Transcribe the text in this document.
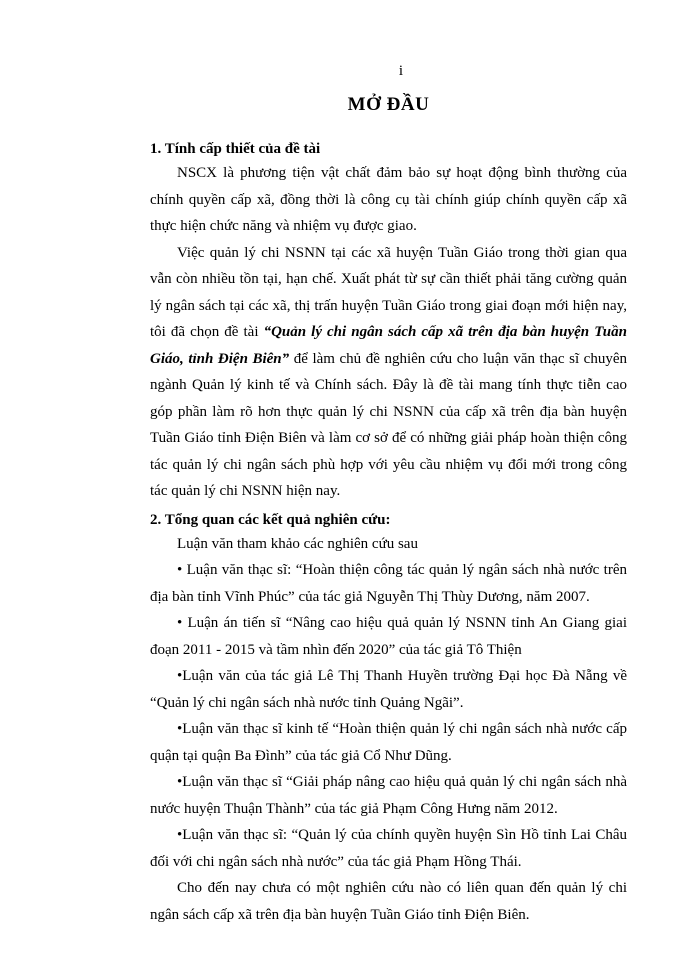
i
MỞ ĐẦU
1. Tính cấp thiết của đề tài

NSCX là phương tiện vật chất đảm bảo sự hoạt động bình thường của chính quyền cấp xã, đồng thời là công cụ tài chính giúp chính quyền cấp xã thực hiện chức năng và nhiệm vụ được giao.

Việc quản lý chi NSNN tại các xã huyện Tuần Giáo trong thời gian qua vẫn còn nhiều tồn tại, hạn chế. Xuất phát từ sự cần thiết phải tăng cường quản lý ngân sách tại các xã, thị trấn huyện Tuần Giáo trong giai đoạn mới hiện nay, tôi đã chọn đề tài “Quản lý chi ngân sách cấp xã trên địa bàn huyện Tuần Giáo, tỉnh Điện Biên” để làm chủ đề nghiên cứu cho luận văn thạc sĩ chuyên ngành Quản lý kinh tế và Chính sách. Đây là đề tài mang tính thực tiễn cao góp phần làm rõ hơn thực quản lý chi NSNN của cấp xã trên địa bàn huyện Tuần Giáo tỉnh Điện Biên và làm cơ sở để có những giải pháp hoàn thiện công tác quản lý chi ngân sách phù hợp với yêu cầu nhiệm vụ đổi mới trong công tác quản lý chi NSNN hiện nay.

2. Tổng quan các kết quả nghiên cứu:

Luận văn tham khảo các nghiên cứu sau

• Luận văn thạc sĩ: “Hoàn thiện công tác quản lý ngân sách nhà nước trên địa bàn tỉnh Vĩnh Phúc” của tác giả Nguyễn Thị Thùy Dương, năm 2007.

• Luận án tiến sĩ “Nâng cao hiệu quả quản lý NSNN tỉnh An Giang giai đoạn 2011 - 2015 và tầm nhìn đến 2020” của tác giả Tô Thiện

•Luận văn của tác giả Lê Thị Thanh Huyền trường Đại học Đà Nẵng về “Quản lý chi ngân sách nhà nước tỉnh Quảng Ngãi”.

•Luận văn thạc sĩ kinh tế “Hoàn thiện quản lý chi ngân sách nhà nước cấp quận tại quận Ba Đình” của tác giả Cổ Như Dũng.

•Luận văn thạc sĩ “Giải pháp nâng cao hiệu quả quản lý chi ngân sách nhà nước huyện Thuận Thành” của tác giả Phạm Công Hưng năm 2012.

•Luận văn thạc sĩ: “Quản lý của chính quyền huyện Sìn Hồ tỉnh Lai Châu đối với chi ngân sách nhà nước” của tác giả Phạm Hồng Thái.

Cho đến nay chưa có một nghiên cứu nào có liên quan đến quản lý chi ngân sách cấp xã trên địa bàn huyện Tuần Giáo tỉnh Điện Biên.
